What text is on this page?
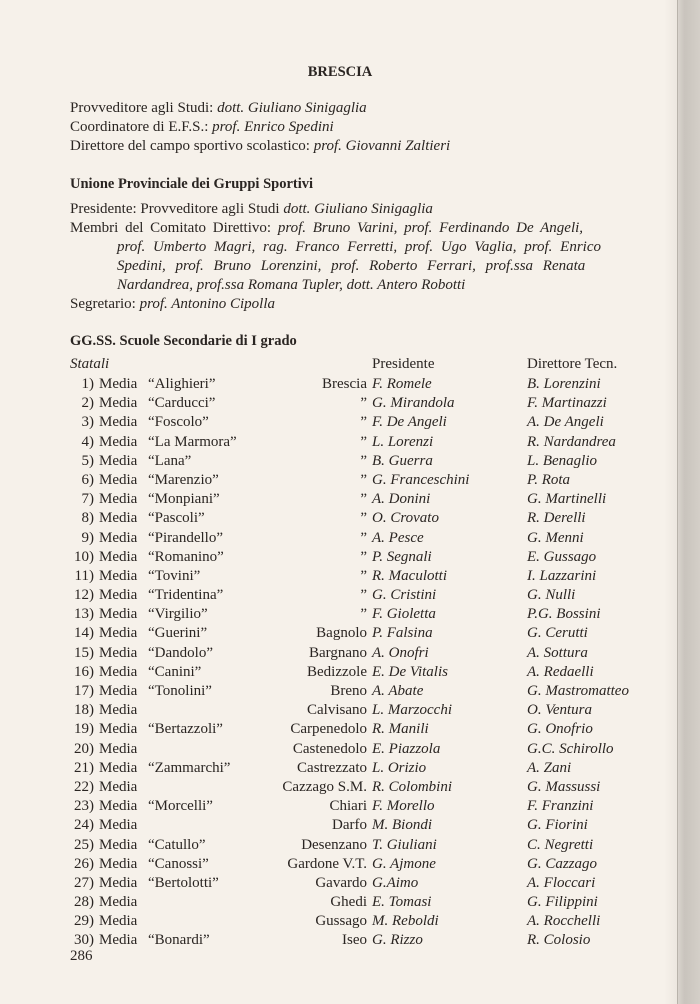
BRESCIA
Provveditore agli Studi: dott. Giuliano Sinigaglia
Coordinatore di E.F.S.: prof. Enrico Spedini
Direttore del campo sportivo scolastico: prof. Giovanni Zaltieri
Unione Provinciale dei Gruppi Sportivi
Presidente: Provveditore agli Studi dott. Giuliano Sinigaglia
Membri del Comitato Direttivo: prof. Bruno Varini, prof. Ferdinando De Angeli,
prof. Umberto Magri, rag. Franco Ferretti, prof. Ugo Vaglia, prof. Enrico
Spedini, prof. Bruno Lorenzini, prof. Roberto Ferrari, prof.ssa Renata
Nardandrea, prof.ssa Romana Tupler, dott. Antero Robotti
Segretario: prof. Antonino Cipolla
GG.SS. Scuole Secondarie di I grado
Statali	Presidente	Direttore Tecn.
1) Media “Alighieri”	Brescia F. Romele	B. Lorenzini
2) Media “Carducci”	” G. Mirandola	F. Martinazzi
3) Media “Foscolo”	” F. De Angeli	A. De Angeli
4) Media “La Marmora”	” L. Lorenzi	R. Nardandrea
5) Media “Lana”	” B. Guerra	L. Benaglio
6) Media “Marenzio”	” G. Franceschini	P. Rota
7) Media “Monpiani”	” A. Donini	G. Martinelli
8) Media “Pascoli”	” O. Crovato	R. Derelli
9) Media “Pirandello”	” A. Pesce	G. Menni
10) Media “Romanino”	” P. Segnali	E. Gussago
11) Media “Tovini”	” R. Maculotti	I. Lazzarini
12) Media “Tridentina”	” G. Cristini	G. Nulli
13) Media “Virgilio”	” F. Gioletta	P.G. Bossini
14) Media “Guerini”	Bagnolo P. Falsina	G. Cerutti
15) Media “Dandolo”	Bargnano A. Onofri	A. Sottura
16) Media “Canini”	Bedizzole E. De Vitalis	A. Redaelli
17) Media “Tonolini”	Breno A. Abate	G. Mastromatteo
18) Media	Calvisano L. Marzocchi	O. Ventura
19) Media “Bertazzoli”	Carpenedolo R. Manili	G. Onofrio
20) Media	Castenedolo E. Piazzola	G.C. Schirollo
21) Media “Zammarchi”	Castrezzato L. Orizio	A. Zani
22) Media	Cazzago S.M. R. Colombini	G. Massussi
23) Media “Morcelli”	Chiari F. Morello	F. Franzini
24) Media	Darfo M. Biondi	G. Fiorini
25) Media “Catullo”	Desenzano T. Giuliani	C. Negretti
26) Media “Canossi”	Gardone V.T. G. Ajmone	G. Cazzago
27) Media “Bertolotti”	Gavardo G.Aimo	A. Floccari
28) Media	Ghedi E. Tomasi	G. Filippini
29) Media	Gussago M. Reboldi	A. Rocchelli
30) Media “Bonardi”	Iseo G. Rizzo	R. Colosio
286
